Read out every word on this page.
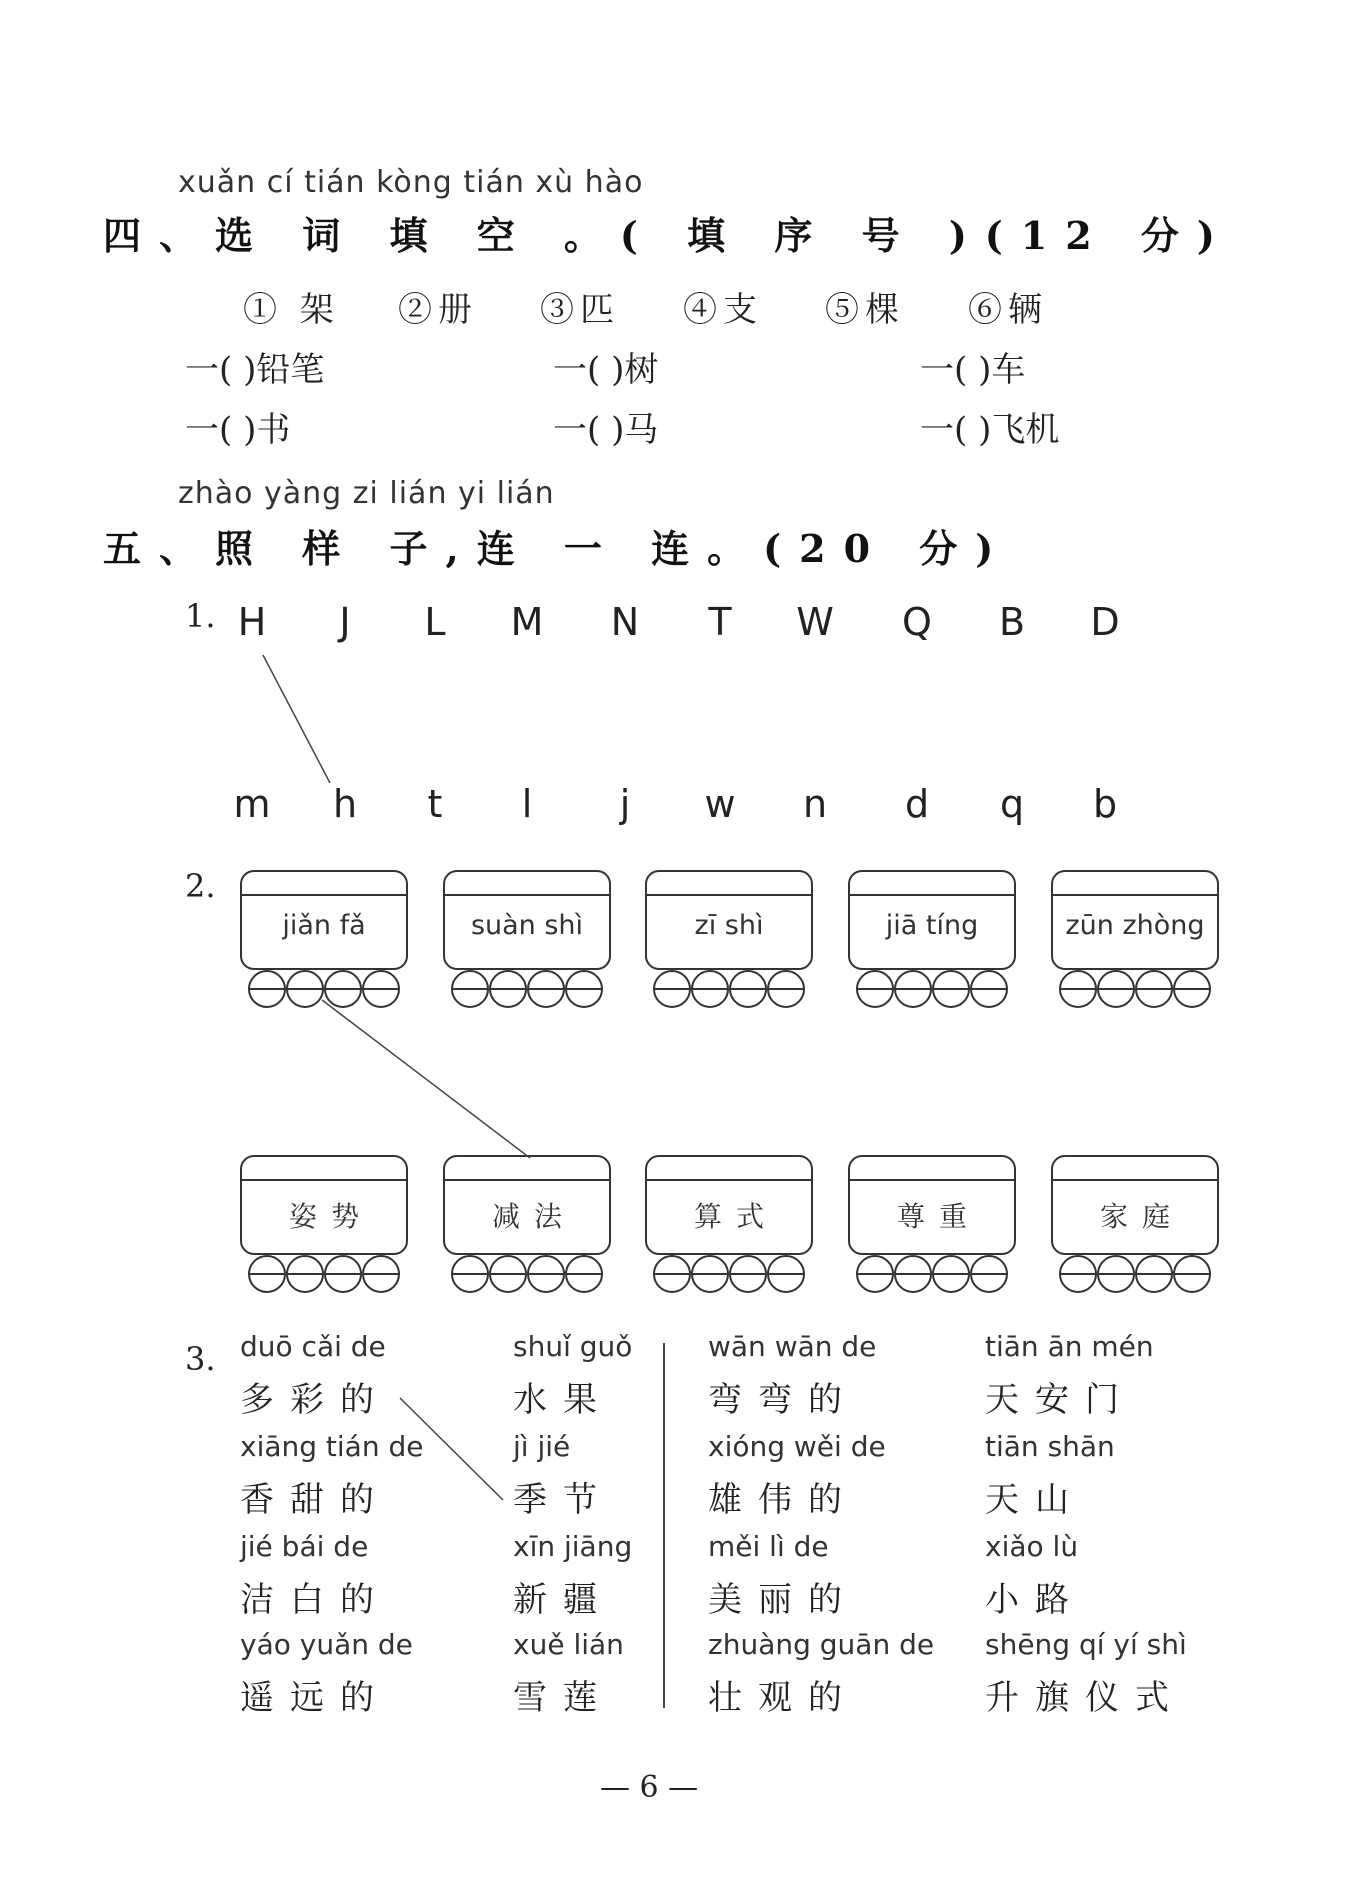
xuǎn cí tián kòng tián xù hào
四、选 词 填 空 。( 填 序 号 )(12 分)
① 架 ②册 ③匹 ④支 ⑤棵 ⑥辆
一( )铅笔	一( )树	一( )车
一( )书	一( )马	一( )飞机
zhào yàng zi lián yi lián
五、照 样 子,连 一 连。(20 分)
1. H	J	L	M	N	T	W	Q	B	D
m	h	t	l	j	w	n	d	q	b
2.
jiǎn fǎ	suàn shì	zī shì	jiā tíng	zūn zhòng
姿势	减法	算式	尊重	家庭
3. duō cǎi de
多彩的
xiāng tián de
香甜的
jié bái de
洁白的
yáo yuǎn de
遥远的
shuǐ guǒ
水果
jì jié
季节
xīn jiāng
新疆
xuě lián
雪莲
wān wān de
弯弯的
xióng wěi de
雄伟的
měi lì de
美丽的
zhuàng guān de
壮观的
tiān ān mén
天安门
tiān shān
天山
xiǎo lù
小路
shēng qí yí shì
升旗仪式
— 6 —
